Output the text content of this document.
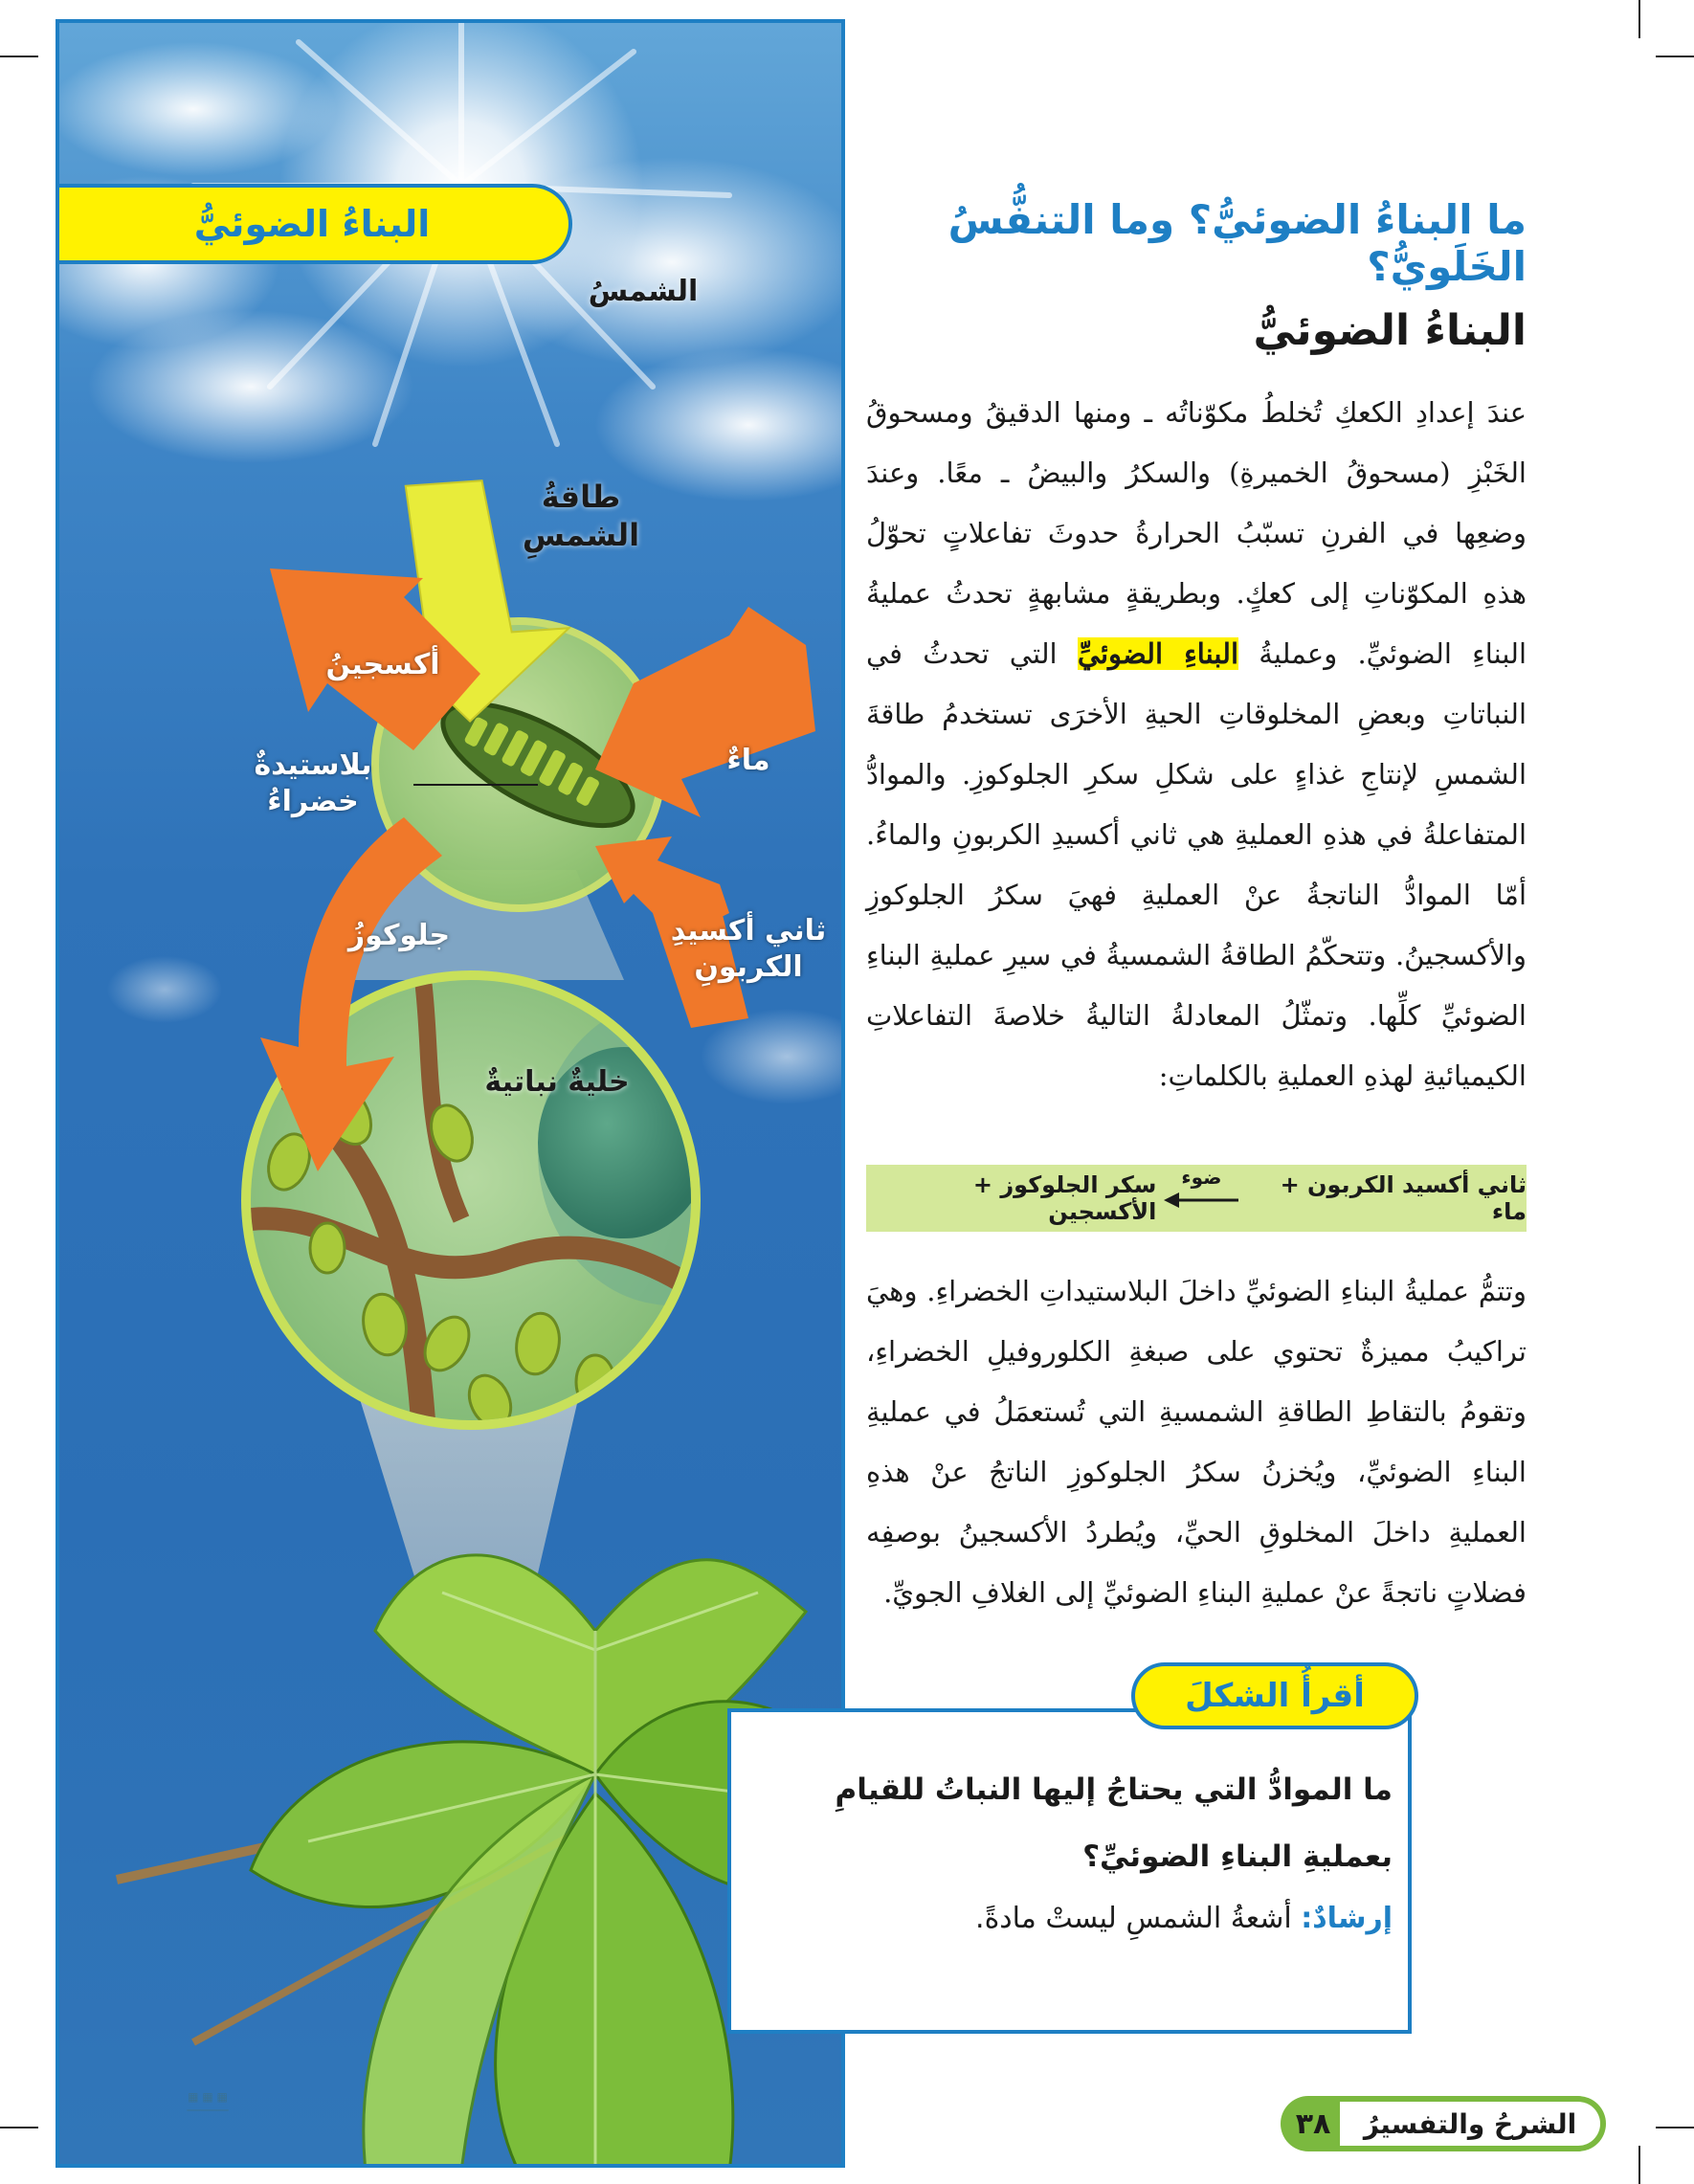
البناءُ الضوئيُّ
الشمسُ
طاقةُ الشمسِ
أكسجينُ
ماءٌ
بلاستيدةٌ خضراءُ
جلوكوزُ	ثاني أكسيدِ الكربونِ
خليةٌ نباتيةٌ
▦ ▦ ▦
──────
ما البناءُ الضوئيُّ؟ وما التنفُّسُ الخَلَويُّ؟
البناءُ الضوئيُّ
عندَ إعدادِ الكعكِ تُخلطُ مكوّناتُه ـ ومنها الدقيقُ ومسحوقُ الخَبْزِ (مسحوقُ الخميرةِ) والسكرُ والبيضُ ـ معًا. وعندَ وضعِها في الفرنِ تسبّبُ الحرارةُ حدوثَ تفاعلاتٍ تحوّلُ هذهِ المكوّناتِ إلى كعكٍ. وبطريقةٍ مشابهةٍ تحدثُ عمليةُ البناءِ الضوئيِّ. وعمليةُ البناءِ الضوئيِّ التي تحدثُ في النباتاتِ وبعضِ المخلوقاتِ الحيةِ الأخرَى تستخدمُ طاقةَ الشمسِ لإنتاجِ غذاءٍ على شكلِ سكرِ الجلوكوزِ. والموادُّ المتفاعلةُ في هذهِ العمليةِ هي ثاني أكسيدِ الكربونِ والماءُ. أمّا الموادُّ الناتجةُ عنْ العمليةِ فهيَ سكرُ الجلوكوزِ والأكسجينُ. وتتحكّمُ الطاقةُ الشمسيةُ في سيرِ عمليةِ البناءِ الضوئيِّ كلِّها. وتمثّلُ المعادلةُ التاليةُ خلاصةَ التفاعلاتِ الكيميائيةِ لهذهِ العمليةِ بالكلماتِ:
ثاني أكسيد الكربون + ماء
ضوء
سكر الجلوكوز + الأكسجين
وتتمُّ عمليةُ البناءِ الضوئيِّ داخلَ البلاستيداتِ الخضراءِ. وهيَ تراكيبُ مميزةٌ تحتوي على صبغةِ الكلوروفيلِ الخضراءِ، وتقومُ بالتقاطِ الطاقةِ الشمسيةِ التي تُستعمَلُ في عمليةِ البناءِ الضوئيِّ، ويُخزنُ سكرُ الجلوكوزِ الناتجُ عنْ هذهِ العمليةِ داخلَ المخلوقِ الحيِّ، ويُطردُ الأكسجينُ بوصفِه فضلاتٍ ناتجةً عنْ عمليةِ البناءِ الضوئيِّ إلى الغلافِ الجويِّ.
أقرأُ الشكلَ
ما الموادُّ التي يحتاجُ إليها النباتُ للقيامِ بعمليةِ البناءِ الضوئيِّ؟
إرشادٌ: أشعةُ الشمسِ ليستْ مادةً.
الشرحُ والتفسيرُ
٣٨
